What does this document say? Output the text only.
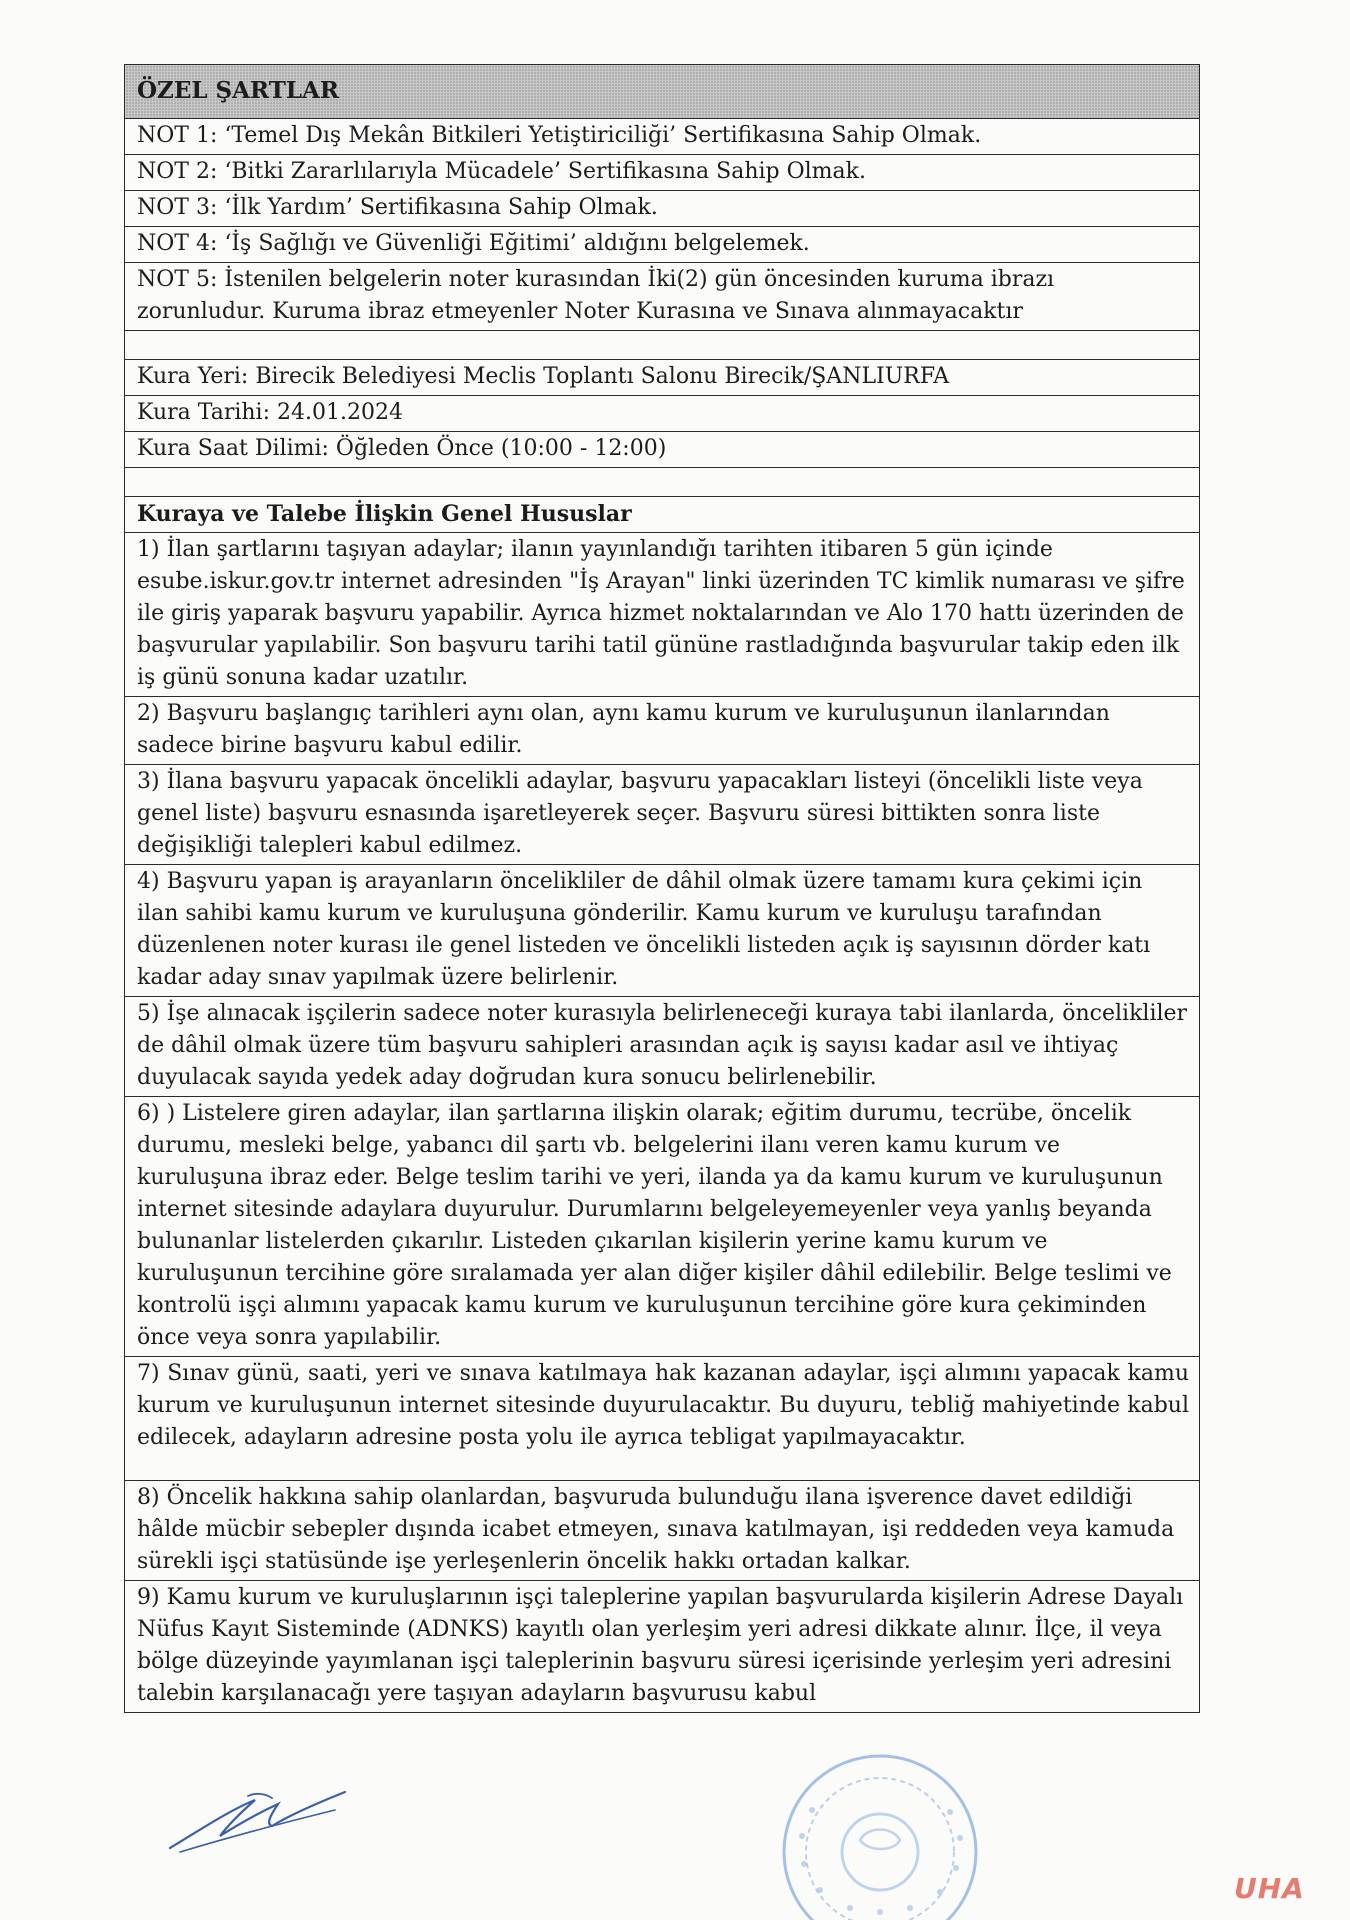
ÖZEL ŞARTLAR
NOT 1: ‘Temel Dış Mekân Bitkileri Yetiştiriciliği’ Sertifikasına Sahip Olmak.
NOT 2: ‘Bitki Zararlılarıyla Mücadele’ Sertifikasına Sahip Olmak.
NOT 3: ‘İlk Yardım’ Sertifikasına Sahip Olmak.
NOT 4: ‘İş Sağlığı ve Güvenliği Eğitimi’ aldığını belgelemek.
NOT 5: İstenilen belgelerin noter kurasından İki(2) gün öncesinden kuruma ibrazı zorunludur. Kuruma ibraz etmeyenler Noter Kurasına ve Sınava alınmayacaktır

Kura Yeri: Birecik Belediyesi Meclis Toplantı Salonu Birecik/ŞANLIURFA
Kura Tarihi: 24.01.2024
Kura Saat Dilimi: Öğleden Önce (10:00 - 12:00)

Kuraya ve Talebe İlişkin Genel Hususlar
1) İlan şartlarını taşıyan adaylar; ilanın yayınlandığı tarihten itibaren 5 gün içinde esube.iskur.gov.tr internet adresinden "İş Arayan" linki üzerinden TC kimlik numarası ve şifre ile giriş yaparak başvuru yapabilir. Ayrıca hizmet noktalarından ve Alo 170 hattı üzerinden de başvurular yapılabilir. Son başvuru tarihi tatil gününe rastladığında başvurular takip eden ilk iş günü sonuna kadar uzatılır.
2) Başvuru başlangıç tarihleri aynı olan, aynı kamu kurum ve kuruluşunun ilanlarından sadece birine başvuru kabul edilir.
3) İlana başvuru yapacak öncelikli adaylar, başvuru yapacakları listeyi (öncelikli liste veya genel liste) başvuru esnasında işaretleyerek seçer. Başvuru süresi bittikten sonra liste değişikliği talepleri kabul edilmez.
4) Başvuru yapan iş arayanların öncelikliler de dâhil olmak üzere tamamı kura çekimi için ilan sahibi kamu kurum ve kuruluşuna gönderilir. Kamu kurum ve kuruluşu tarafından düzenlenen noter kurası ile genel listeden ve öncelikli listeden açık iş sayısının dörder katı kadar aday sınav yapılmak üzere belirlenir.
5) İşe alınacak işçilerin sadece noter kurasıyla belirleneceği kuraya tabi ilanlarda, öncelikliler de dâhil olmak üzere tüm başvuru sahipleri arasından açık iş sayısı kadar asıl ve ihtiyaç duyulacak sayıda yedek aday doğrudan kura sonucu belirlenebilir.
6) ) Listelere giren adaylar, ilan şartlarına ilişkin olarak; eğitim durumu, tecrübe, öncelik durumu, mesleki belge, yabancı dil şartı vb. belgelerini ilanı veren kamu kurum ve kuruluşuna ibraz eder. Belge teslim tarihi ve yeri, ilanda ya da kamu kurum ve kuruluşunun internet sitesinde adaylara duyurulur. Durumlarını belgeleyemeyenler veya yanlış beyanda bulunanlar listelerden çıkarılır. Listeden çıkarılan kişilerin yerine kamu kurum ve kuruluşunun tercihine göre sıralamada yer alan diğer kişiler dâhil edilebilir. Belge teslimi ve kontrolü işçi alımını yapacak kamu kurum ve kuruluşunun tercihine göre kura çekiminden önce veya sonra yapılabilir.
7) Sınav günü, saati, yeri ve sınava katılmaya hak kazanan adaylar, işçi alımını yapacak kamu kurum ve kuruluşunun internet sitesinde duyurulacaktır. Bu duyuru, tebliğ mahiyetinde kabul edilecek, adayların adresine posta yolu ile ayrıca tebligat yapılmayacaktır.
8) Öncelik hakkına sahip olanlardan, başvuruda bulunduğu ilana işverence davet edildiği hâlde mücbir sebepler dışında icabet etmeyen, sınava katılmayan, işi reddeden veya kamuda sürekli işçi statüsünde işe yerleşenlerin öncelik hakkı ortadan kalkar.
9) Kamu kurum ve kuruluşlarının işçi taleplerine yapılan başvurularda kişilerin Adrese Dayalı Nüfus Kayıt Sisteminde (ADNKS) kayıtlı olan yerleşim yeri adresi dikkate alınır. İlçe, il veya bölge düzeyinde yayımlanan işçi taleplerinin başvuru süresi içerisinde yerleşim yeri adresini talebin karşılanacağı yere taşıyan adayların başvurusu kabul
UHA
